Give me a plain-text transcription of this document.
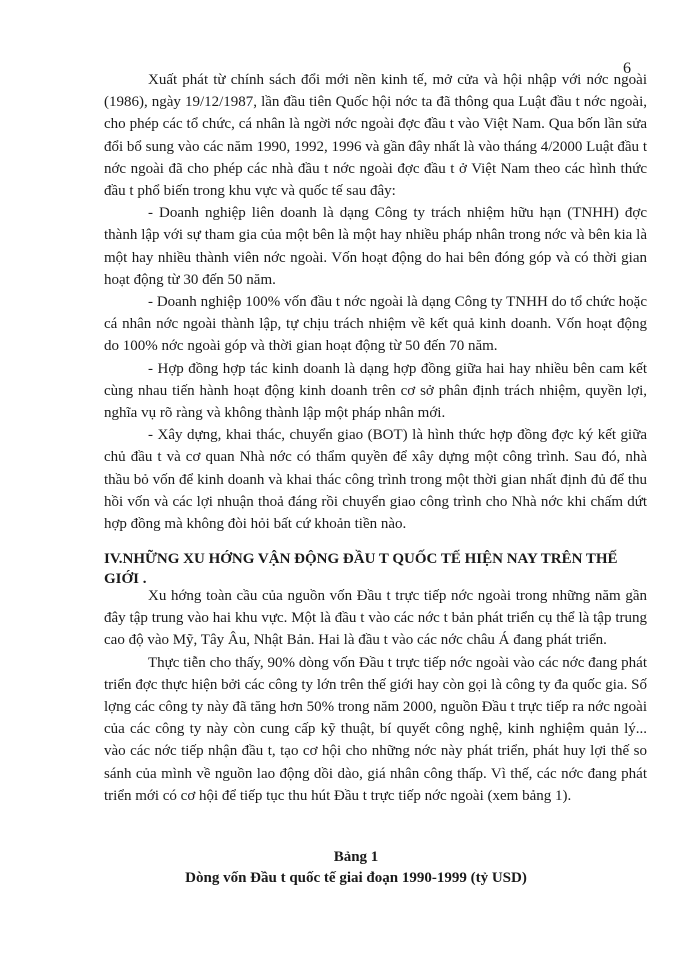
6

Xuất phát từ chính sách đổi mới nền kinh tế, mở cửa và hội nhập với nớc ngoài (1986), ngày 19/12/1987, lần đầu tiên Quốc hội nớc ta đã thông qua Luật đầu t nớc ngoài, cho phép các tổ chức, cá nhân là ngời nớc ngoài đợc đầu t vào Việt Nam. Qua bốn lần sửa đổi bổ sung vào các năm 1990, 1992, 1996 và gần đây nhất là vào tháng 4/2000 Luật đầu t nớc ngoài đã cho phép các nhà đầu t nớc ngoài đợc đầu t ở Việt Nam theo các hình thức đầu t phổ biến trong khu vực và quốc tế sau đây:

- Doanh nghiệp liên doanh là dạng Công ty trách nhiệm hữu hạn (TNHH) đợc thành lập với sự tham gia của một bên là một hay nhiều pháp nhân trong nớc và bên kia là một hay nhiều thành viên nớc ngoài. Vốn hoạt động do hai bên đóng góp và có thời gian hoạt động từ 30 đến 50 năm.

- Doanh nghiệp 100% vốn đầu t nớc ngoài là dạng Công ty TNHH do tổ chức hoặc cá nhân nớc ngoài thành lập, tự chịu trách nhiệm về kết quả kinh doanh. Vốn hoạt động do 100% nớc ngoài góp và thời gian hoạt động từ 50 đến 70 năm.

- Hợp đồng hợp tác kinh doanh là dạng hợp đồng giữa hai hay nhiều bên cam kết cùng nhau tiến hành hoạt động kinh doanh trên cơ sở phân định trách nhiệm, quyền lợi, nghĩa vụ rõ ràng và không thành lập một pháp nhân mới.

- Xây dựng, khai thác, chuyển giao (BOT) là hình thức hợp đồng đợc ký kết giữa chủ đầu t và cơ quan Nhà nớc có thẩm quyền để xây dựng một công trình. Sau đó, nhà thầu bỏ vốn để kinh doanh và khai thác công trình trong một thời gian nhất định đủ để thu hồi vốn và các lợi nhuận thoả đáng rồi chuyển giao công trình cho Nhà nớc khi chấm dứt hợp đồng mà không đòi hỏi bất cứ khoản tiền nào.

IV.NHỮNG XU HỚNG VẬN ĐỘNG ĐẦU T QUỐC TẾ HIỆN NAY TRÊN THẾ GIỚI .

Xu hớng toàn cầu của nguồn vốn Đầu t trực tiếp nớc ngoài trong những năm gần đây tập trung vào hai khu vực. Một là đầu t vào các nớc t bản phát triển cụ thể là tập trung cao độ vào Mỹ, Tây Âu, Nhật Bản. Hai là đầu t vào các nớc châu Á đang phát triển.

Thực tiễn cho thấy, 90% dòng vốn Đầu t trực tiếp nớc ngoài vào các nớc đang phát triển đợc thực hiện bởi các công ty lớn trên thế giới hay còn gọi là công ty đa quốc gia. Số lợng các công ty này đã tăng hơn 50% trong năm 2000, nguồn Đầu t trực tiếp ra nớc ngoài của các công ty này còn cung cấp kỹ thuật, bí quyết công nghệ, kinh nghiệm quản lý... vào các nớc tiếp nhận đầu t, tạo cơ hội cho những nớc này phát triển, phát huy lợi thế so sánh của mình về nguồn lao động dồi dào, giá nhân công thấp. Vì thế, các nớc đang phát triển mới có cơ hội để tiếp tục thu hút Đầu t trực tiếp nớc ngoài (xem bảng 1).

Bảng 1
Dòng vốn Đầu t quốc tế giai đoạn 1990-1999 (tỷ USD)
